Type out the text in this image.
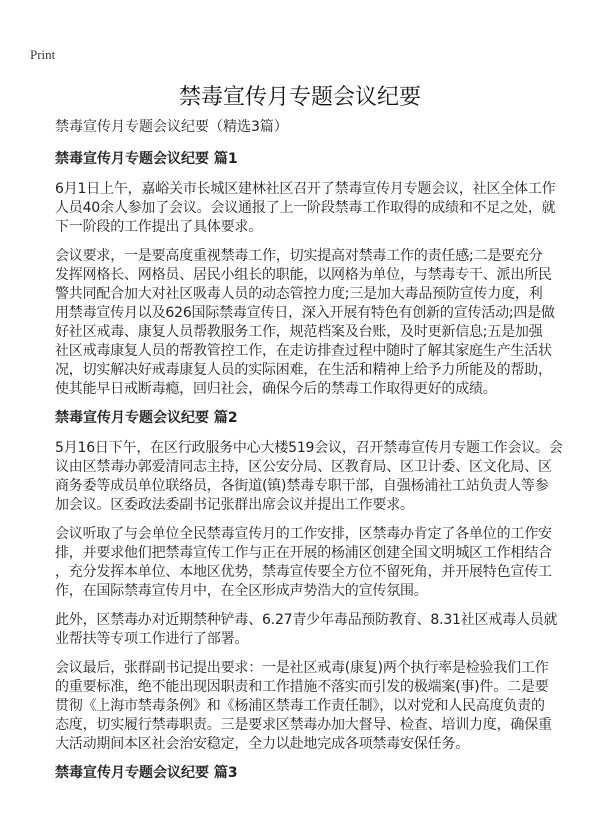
Print
禁毒宣传月专题会议纪要
禁毒宣传月专题会议纪要（精选3篇）
禁毒宣传月专题会议纪要 篇1
6月1日上午，嘉峪关市长城区建林社区召开了禁毒宣传月专题会议，社区全体工作
人员40余人参加了会议。会议通报了上一阶段禁毒工作取得的成绩和不足之处，就
下一阶段的工作提出了具体要求。
会议要求，一是要高度重视禁毒工作，切实提高对禁毒工作的责任感;二是要充分
发挥网格长、网格员、居民小组长的职能，以网格为单位，与禁毒专干、派出所民
警共同配合加大对社区吸毒人员的动态管控力度;三是加大毒品预防宣传力度，利
用禁毒宣传月以及626国际禁毒宣传日，深入开展有特色有创新的宣传活动;四是做
好社区戒毒、康复人员帮教服务工作，规范档案及台账，及时更新信息;五是加强
社区戒毒康复人员的帮教管控工作，在走访排查过程中随时了解其家庭生产生活状
况，切实解决好戒毒康复人员的实际困难，在生活和精神上给予力所能及的帮助，
使其能早日戒断毒瘾，回归社会，确保今后的禁毒工作取得更好的成绩。
禁毒宣传月专题会议纪要 篇2
5月16日下午，在区行政服务中心大楼519会议，召开禁毒宣传月专题工作会议。会
议由区禁毒办郭爱清同志主持，区公安分局、区教育局、区卫计委、区文化局、区
商务委等成员单位联络员，各街道(镇)禁毒专职干部，自强杨浦社工站负责人等参
加会议。区委政法委副书记张群出席会议并提出工作要求。
会议听取了与会单位全民禁毒宣传月的工作安排，区禁毒办肯定了各单位的工作安
排，并要求他们把禁毒宣传工作与正在开展的杨浦区创建全国文明城区工作相结合
，充分发挥本单位、本地区优势，禁毒宣传要全方位不留死角，并开展特色宣传工
作，在国际禁毒宣传月中，在全区形成声势浩大的宣传氛围。
此外，区禁毒办对近期禁种铲毒、6.27青少年毒品预防教育、8.31社区戒毒人员就
业帮扶等专项工作进行了部署。
会议最后，张群副书记提出要求：一是社区戒毒(康复)两个执行率是检验我们工作
的重要标准，绝不能出现因职责和工作措施不落实而引发的极端案(事)件。二是要
贯彻《上海市禁毒条例》和《杨浦区禁毒工作责任制》，以对党和人民高度负责的
态度，切实履行禁毒职责。三是要求区禁毒办加大督导、检查、培训力度，确保重
大活动期间本区社会治安稳定，全力以赴地完成各项禁毒安保任务。
禁毒宣传月专题会议纪要 篇3
